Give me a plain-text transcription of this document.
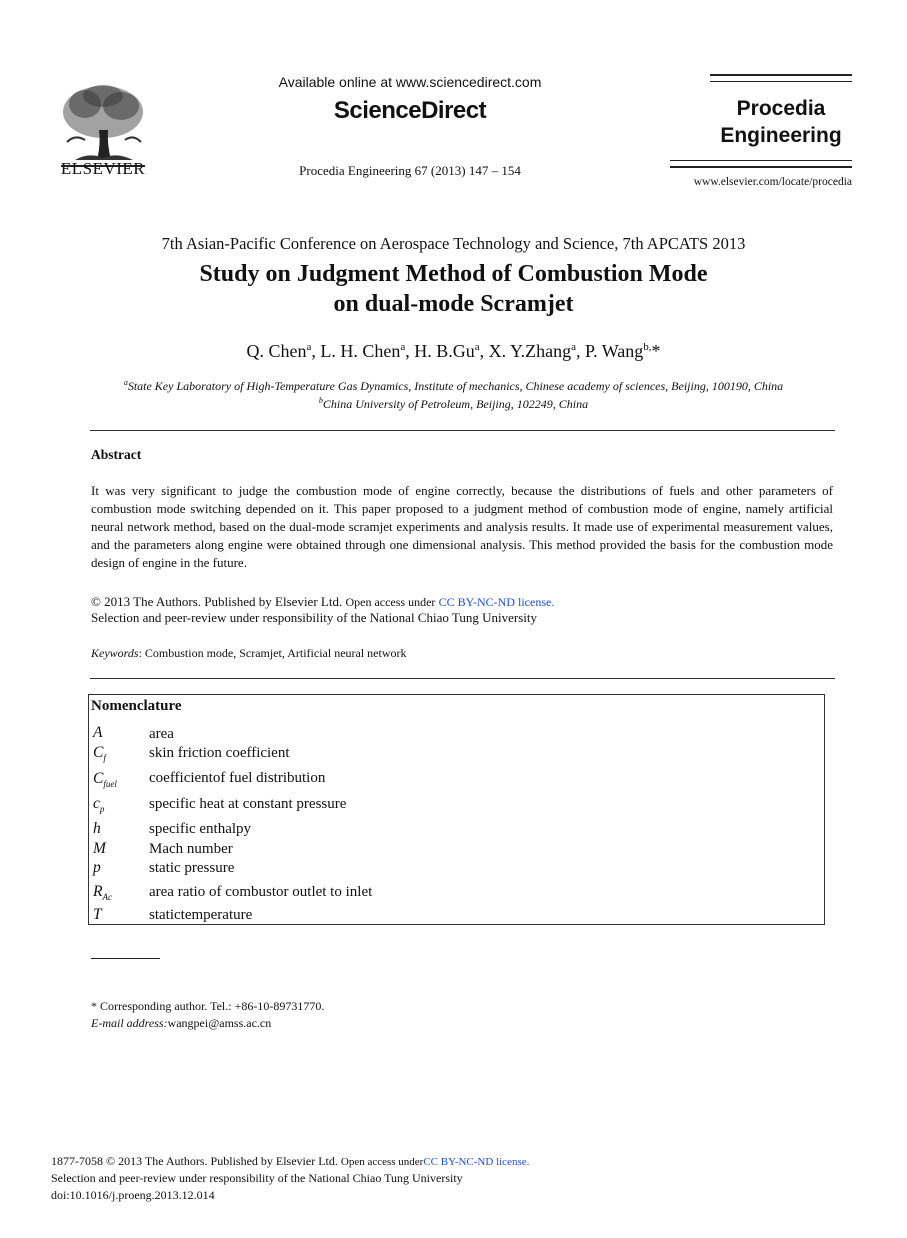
ELSEVIER
Available online at www.sciencedirect.com
ScienceDirect
Procedia Engineering 67 (2013) 147 – 154
Procedia
Engineering
www.elsevier.com/locate/procedia
7th Asian-Pacific Conference on Aerospace Technology and Science, 7th APCATS 2013
Study on Judgment Method of Combustion Mode
on dual-mode Scramjet
Q. Chen$^a$, L. H. Chen$^a$, H. B.Gu$^a$, X. Y.Zhang$^a$, P. Wang$^{b,}$*
$^a$State Key Laboratory of High-Temperature Gas Dynamics, Institute of mechanics, Chinese academy of sciences, Beijing, 100190, China
$^b$China University of Petroleum, Beijing, 102249, China
Abstract
It was very significant to judge the combustion mode of engine correctly, because the distributions of fuels and other parameters of combustion mode switching depended on it. This paper proposed to a judgment method of combustion mode of engine, namely artificial neural network method, based on the dual-mode scramjet experiments and analysis results. It made use of experimental measurement values, and the parameters along engine were obtained through one dimensional analysis. This method provided the basis for the combustion mode design of engine in the future.
© 2013 The Authors. Published by Elsevier Ltd. Open access under CC BY-NC-ND license.
Selection and peer-review under responsibility of the National Chiao Tung University
Keywords: Combustion mode, Scramjet, Artificial neural network
Nomenclature
A	area
$C_f$	skin friction coefficient
$C_{fuel}$ coefficientof fuel distribution
$c_p$	specific heat at constant pressure
h	specific enthalpy
M	Mach number
p	static pressure
$R_{Ac}$ area ratio of combustor outlet to inlet
T	statictemperature
* Corresponding author. Tel.: +86-10-89731770.
E-mail address:wangpei@amss.ac.cn
1877-7058 © 2013 The Authors. Published by Elsevier Ltd. Open access underCC BY-NC-ND license.
Selection and peer-review under responsibility of the National Chiao Tung University
doi:10.1016/j.proeng.2013.12.014
